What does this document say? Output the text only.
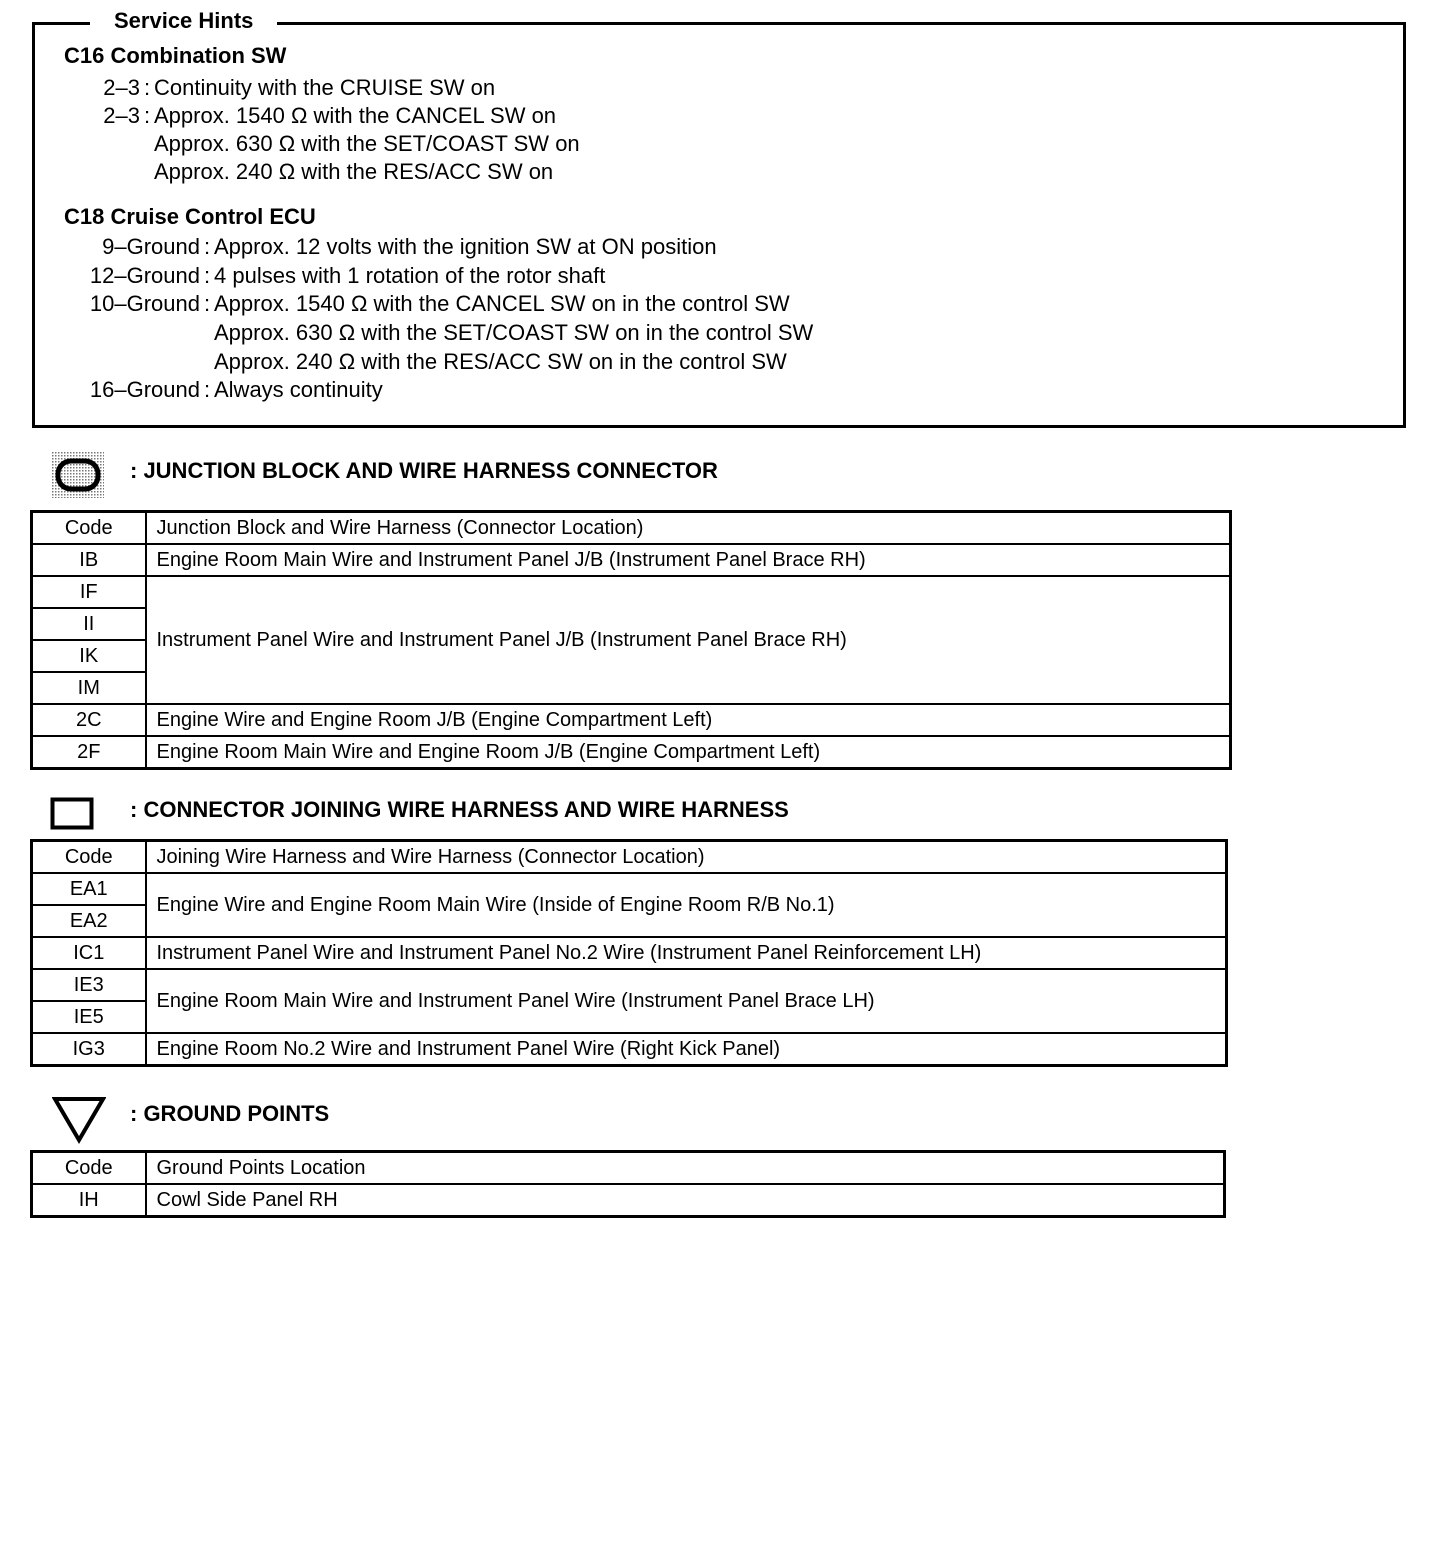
Service Hints
C16 Combination SW
2–3 : Continuity with the CRUISE SW on
2–3 : Approx. 1540 Ω with the CANCEL SW on
Approx. 630 Ω with the SET/COAST SW on
Approx. 240 Ω with the RES/ACC SW on
C18 Cruise Control ECU
9–Ground : Approx. 12 volts with the ignition SW at ON position
12–Ground : 4 pulses with 1 rotation of the rotor shaft
10–Ground : Approx. 1540 Ω with the CANCEL SW on in the control SW
Approx. 630 Ω with the SET/COAST SW on in the control SW
Approx. 240 Ω with the RES/ACC SW on in the control SW
16–Ground : Always continuity
: JUNCTION BLOCK AND WIRE HARNESS CONNECTOR
Code	Junction Block and Wire Harness (Connector Location)
IB	Engine Room Main Wire and Instrument Panel J/B (Instrument Panel Brace RH)
IF	Instrument Panel Wire and Instrument Panel J/B (Instrument Panel Brace RH)
II	
IK	
IM	
2C	Engine Wire and Engine Room J/B (Engine Compartment Left)
2F	Engine Room Main Wire and Engine Room J/B (Engine Compartment Left)
: CONNECTOR JOINING WIRE HARNESS AND WIRE HARNESS
Code	Joining Wire Harness and Wire Harness (Connector Location)
EA1	Engine Wire and Engine Room Main Wire (Inside of Engine Room R/B No.1)
EA2	
IC1	Instrument Panel Wire and Instrument Panel No.2 Wire (Instrument Panel Reinforcement LH)
IE3	Engine Room Main Wire and Instrument Panel Wire (Instrument Panel Brace LH)
IE5	
IG3	Engine Room No.2 Wire and Instrument Panel Wire (Right Kick Panel)
: GROUND POINTS
Code	Ground Points Location
IH	Cowl Side Panel RH
